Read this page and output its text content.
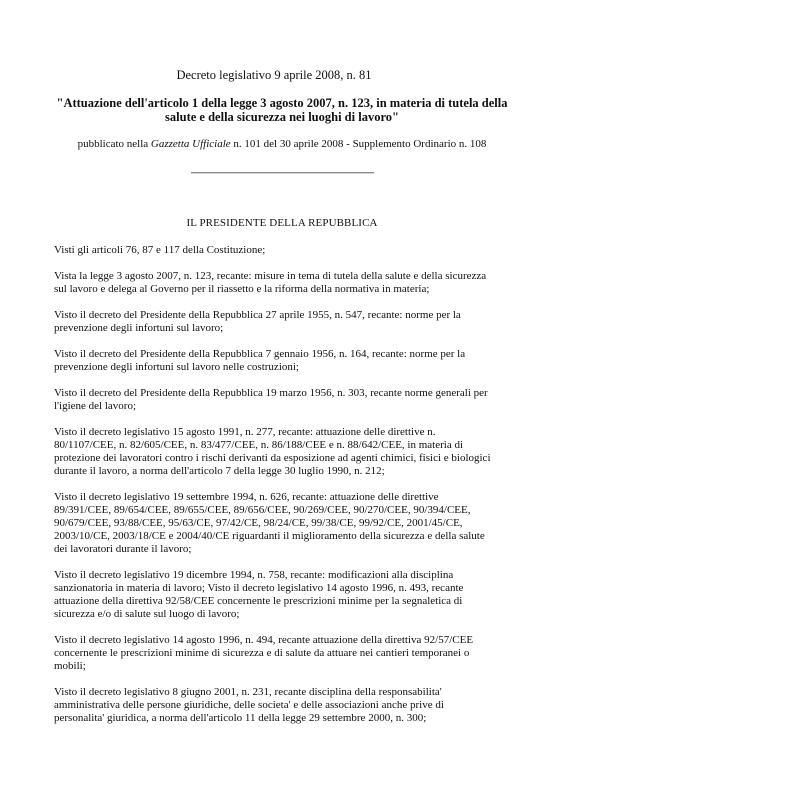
Decreto legislativo 9 aprile 2008, n. 81
"Attuazione dell'articolo 1 della legge 3 agosto 2007, n. 123, in materia di tutela della salute e della sicurezza nei luoghi di lavoro"
pubblicato nella Gazzetta Ufficiale n. 101 del 30 aprile 2008 - Supplemento Ordinario n. 108
IL PRESIDENTE DELLA REPUBBLICA

Visti gli articoli 76, 87 e 117 della Costituzione;

Vista la legge 3 agosto 2007, n. 123, recante: misure in tema di tutela della salute e della sicurezza
sul lavoro e delega al Governo per il riassetto e la riforma della normativa in materia;

Visto il decreto del Presidente della Repubblica 27 aprile 1955, n. 547, recante: norme per la
prevenzione degli infortuni sul lavoro;

Visto il decreto del Presidente della Repubblica 7 gennaio 1956, n. 164, recante: norme per la
prevenzione degli infortuni sul lavoro nelle costruzioni;

Visto il decreto del Presidente della Repubblica 19 marzo 1956, n. 303, recante norme generali per
l'igiene del lavoro;

Visto il decreto legislativo 15 agosto 1991, n. 277, recante: attuazione delle direttive n.
80/1107/CEE, n. 82/605/CEE, n. 83/477/CEE, n. 86/188/CEE e n. 88/642/CEE, in materia di
protezione dei lavoratori contro i rischi derivanti da esposizione ad agenti chimici, fisici e biologici
durante il lavoro, a norma dell'articolo 7 della legge 30 luglio 1990, n. 212;

Visto il decreto legislativo 19 settembre 1994, n. 626, recante: attuazione delle direttive
89/391/CEE, 89/654/CEE, 89/655/CEE, 89/656/CEE, 90/269/CEE, 90/270/CEE, 90/394/CEE,
90/679/CEE, 93/88/CEE, 95/63/CE, 97/42/CE, 98/24/CE, 99/38/CE, 99/92/CE, 2001/45/CE,
2003/10/CE, 2003/18/CE e 2004/40/CE riguardanti il miglioramento della sicurezza e della salute
dei lavoratori durante il lavoro;

Visto il decreto legislativo 19 dicembre 1994, n. 758, recante: modificazioni alla disciplina
sanzionatoria in materia di lavoro; Visto il decreto legislativo 14 agosto 1996, n. 493, recante
attuazione della direttiva 92/58/CEE concernente le prescrizioni minime per la segnaletica di
sicurezza e/o di salute sul luogo di lavoro;

Visto il decreto legislativo 14 agosto 1996, n. 494, recante attuazione della direttiva 92/57/CEE
concernente le prescrizioni minime di sicurezza e di salute da attuare nei cantieri temporanei o
mobili;

Visto il decreto legislativo 8 giugno 2001, n. 231, recante disciplina della responsabilita'
amministrativa delle persone giuridiche, delle societa' e delle associazioni anche prive di
personalita' giuridica, a norma dell'articolo 11 della legge 29 settembre 2000, n. 300;
